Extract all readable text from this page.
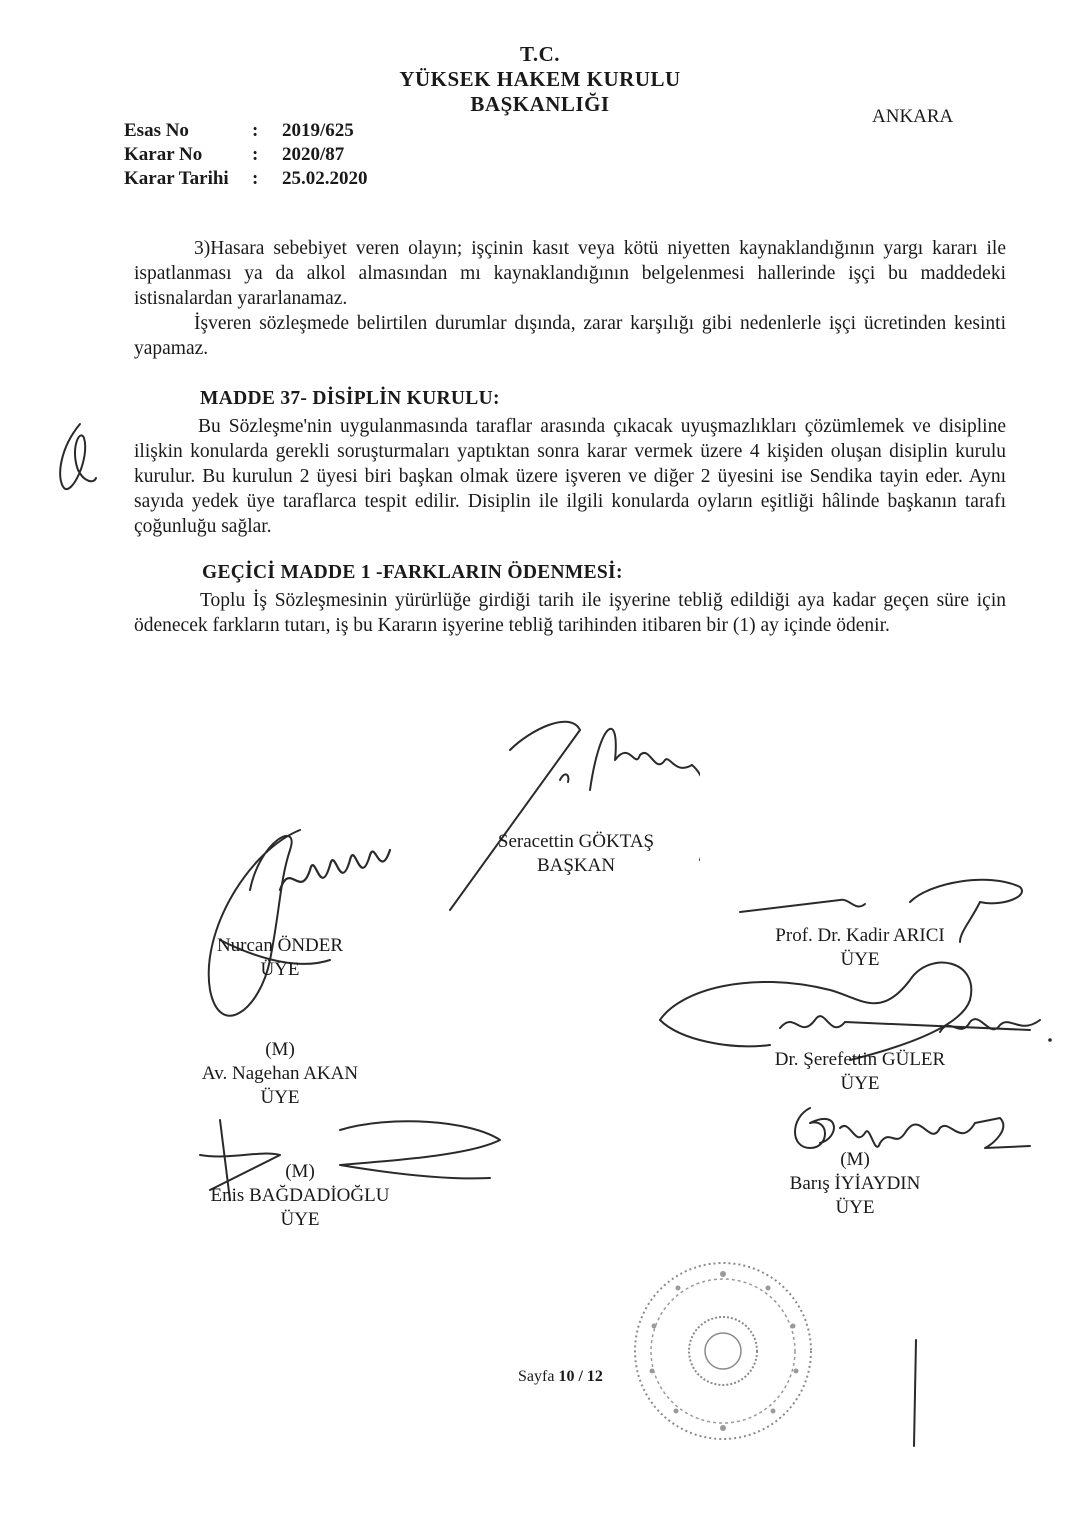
T.C.
YÜKSEK HAKEM KURULU
BAŞKANLIĞI
ANKARA
Esas No	:	2019/625
Karar No	:	2020/87
Karar Tarihi	:	25.02.2020
3)Hasara sebebiyet veren olayın; işçinin kasıt veya kötü niyetten kaynaklandığının yargı kararı ile ispatlanması ya da alkol almasından mı kaynaklandığının belgelenmesi hallerinde işçi bu maddedeki istisnalardan yararlanamaz.
İşveren sözleşmede belirtilen durumlar dışında, zarar karşılığı gibi nedenlerle işçi ücretinden kesinti yapamaz.
MADDE 37- DİSİPLİN KURULU:
Bu Sözleşme'nin uygulanmasında taraflar arasında çıkacak uyuşmazlıkları çözümlemek ve disipline ilişkin konularda gerekli soruşturmaları yaptıktan sonra karar vermek üzere 4 kişiden oluşan disiplin kurulu kurulur. Bu kurulun 2 üyesi biri başkan olmak üzere işveren ve diğer 2 üyesini ise Sendika tayin eder. Aynı sayıda yedek üye taraflarca tespit edilir. Disiplin ile ilgili konularda oyların eşitliği hâlinde başkanın tarafı çoğunluğu sağlar.
GEÇİCİ MADDE 1 -FARKLARIN ÖDENMESİ:
Toplu İş Sözleşmesinin yürürlüğe girdiği tarih ile işyerine tebliğ edildiği aya kadar geçen süre için ödenecek farkların tutarı, iş bu Kararın işyerine tebliğ tarihinden itibaren bir (1) ay içinde ödenir.
Seracettin GÖKTAŞ
BAŞKAN
Nurcan ÖNDER
ÜYE
Prof. Dr. Kadir ARICI
ÜYE
(M)
Av. Nagehan AKAN
ÜYE
Dr. Şerefettin GÜLER
ÜYE
(M)
Enis BAĞDADİOĞLU
ÜYE
(M)
Barış İYİAYDIN
ÜYE
Sayfa 10 / 12
